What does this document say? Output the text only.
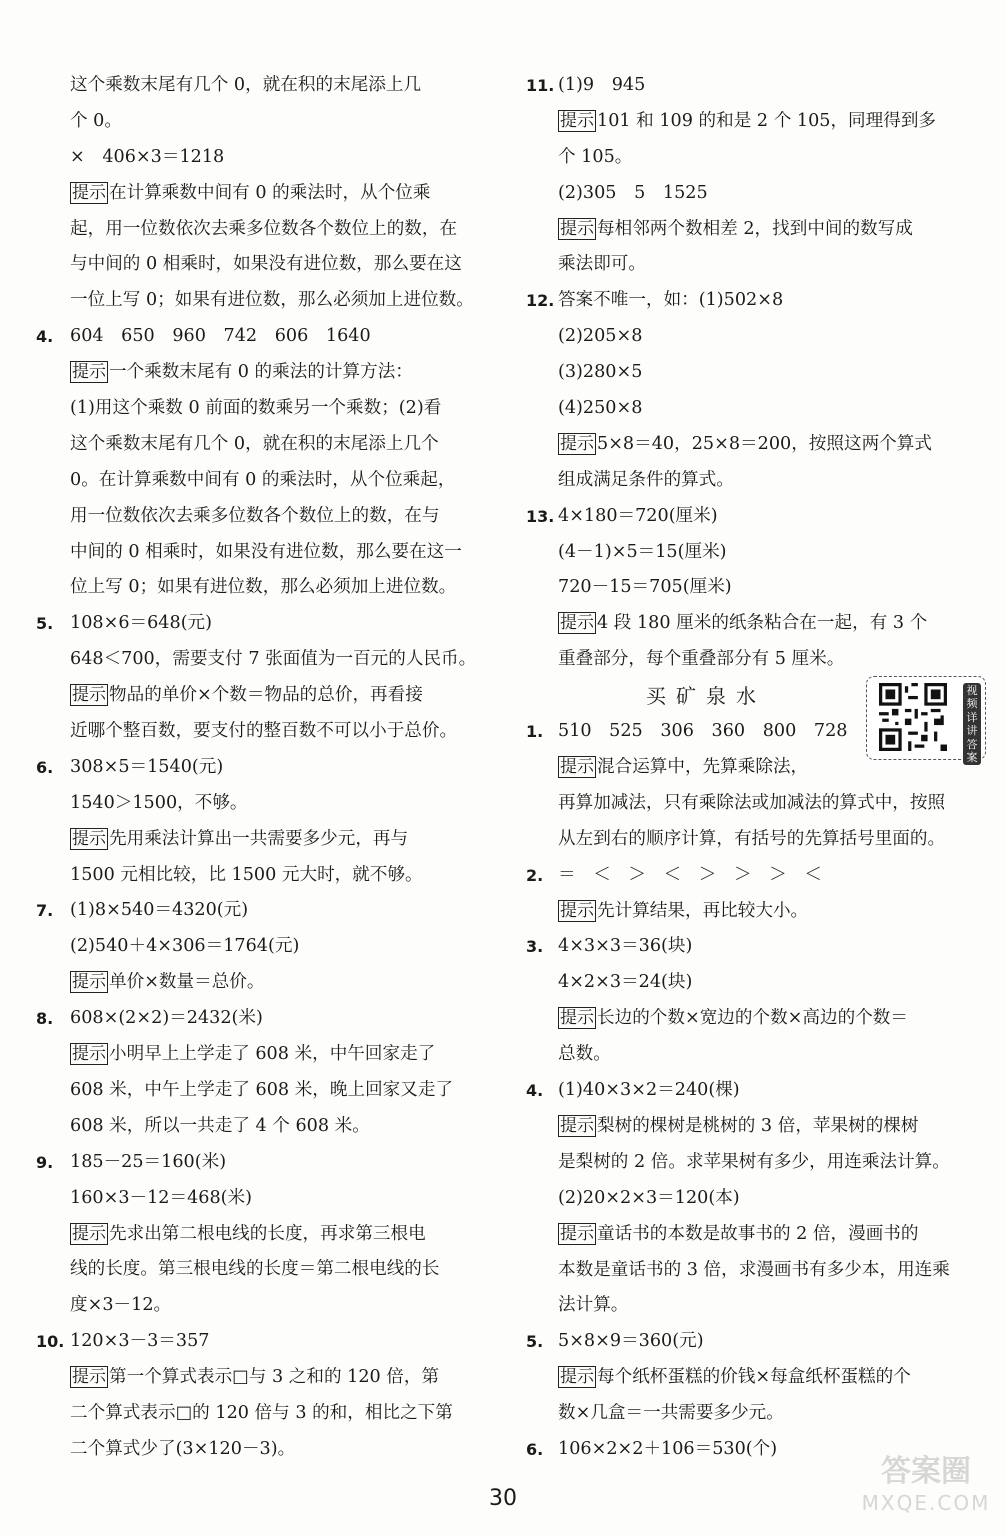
这个乘数末尾有几个 0，就在积的末尾添上几
个 0。
×　406×3＝1218
提示 在计算乘数中间有 0 的乘法时，从个位乘
起，用一位数依次去乘多位数各个数位上的数，在
与中间的 0 相乘时，如果没有进位数，那么要在这
一位上写 0；如果有进位数，那么必须加上进位数。
4. 604　650　960　742　606　1640
提示 一个乘数末尾有 0 的乘法的计算方法：
(1)用这个乘数 0 前面的数乘另一个乘数；(2)看
这个乘数末尾有几个 0，就在积的末尾添上几个
0。在计算乘数中间有 0 的乘法时，从个位乘起，
用一位数依次去乘多位数各个数位上的数，在与
中间的 0 相乘时，如果没有进位数，那么要在这一
位上写 0；如果有进位数，那么必须加上进位数。
5. 108×6＝648(元)
648＜700，需要支付 7 张面值为一百元的人民币。
提示 物品的单价×个数＝物品的总价，再看接
近哪个整百数，要支付的整百数不可以小于总价。
6. 308×5＝1540(元)
1540＞1500，不够。
提示 先用乘法计算出一共需要多少元，再与
1500 元相比较，比 1500 元大时，就不够。
7. (1)8×540＝4320(元)
(2)540＋4×306＝1764(元)
提示 单价×数量＝总价。
8. 608×(2×2)＝2432(米)
提示 小明早上上学走了 608 米，中午回家走了
608 米，中午上学走了 608 米，晚上回家又走了
608 米，所以一共走了 4 个 608 米。
9. 185－25＝160(米)
160×3－12＝468(米)
提示 先求出第二根电线的长度，再求第三根电
线的长度。第三根电线的长度＝第二根电线的长
度×3－12。
10. 120×3－3＝357
提示 第一个算式表示□与 3 之和的 120 倍，第
二个算式表示□的 120 倍与 3 的和，相比之下第
二个算式少了(3×120－3)。
11. (1)9　945
提示 101 和 109 的和是 2 个 105，同理得到多
个 105。
(2)305　5　1525
提示 每相邻两个数相差 2，找到中间的数写成
乘法即可。
12. 答案不唯一，如：(1)502×8
(2)205×8
(3)280×5
(4)250×8
提示 5×8＝40，25×8＝200，按照这两个算式
组成满足条件的算式。
13. 4×180＝720(厘米)
(4－1)×5＝15(厘米)
720－15＝705(厘米)
提示 4 段 180 厘米的纸条粘合在一起，有 3 个
重叠部分，每个重叠部分有 5 厘米。
买矿泉水
1. 510　525　306　360　800　728
提示 混合运算中，先算乘除法，
再算加减法，只有乘除法或加减法的算式中，按照
从左到右的顺序计算，有括号的先算括号里面的。
2. ＝　＜　＞　＜　＞　＞　＞　＜
提示 先计算结果，再比较大小。
3. 4×3×3＝36(块)
4×2×3＝24(块)
提示 长边的个数×宽边的个数×高边的个数＝
总数。
4. (1)40×3×2＝240(棵)
提示 梨树的棵树是桃树的 3 倍，苹果树的棵树
是梨树的 2 倍。求苹果树有多少，用连乘法计算。
(2)20×2×3＝120(本)
提示 童话书的本数是故事书的 2 倍，漫画书的
本数是童话书的 3 倍，求漫画书有多少本，用连乘
法计算。
5. 5×8×9＝360(元)
提示 每个纸杯蛋糕的价钱×每盒纸杯蛋糕的个
数×几盒＝一共需要多少元。
6. 106×2×2＋106＝530(个)
视频详讲答案
30
答案圈
MXQE.COM
